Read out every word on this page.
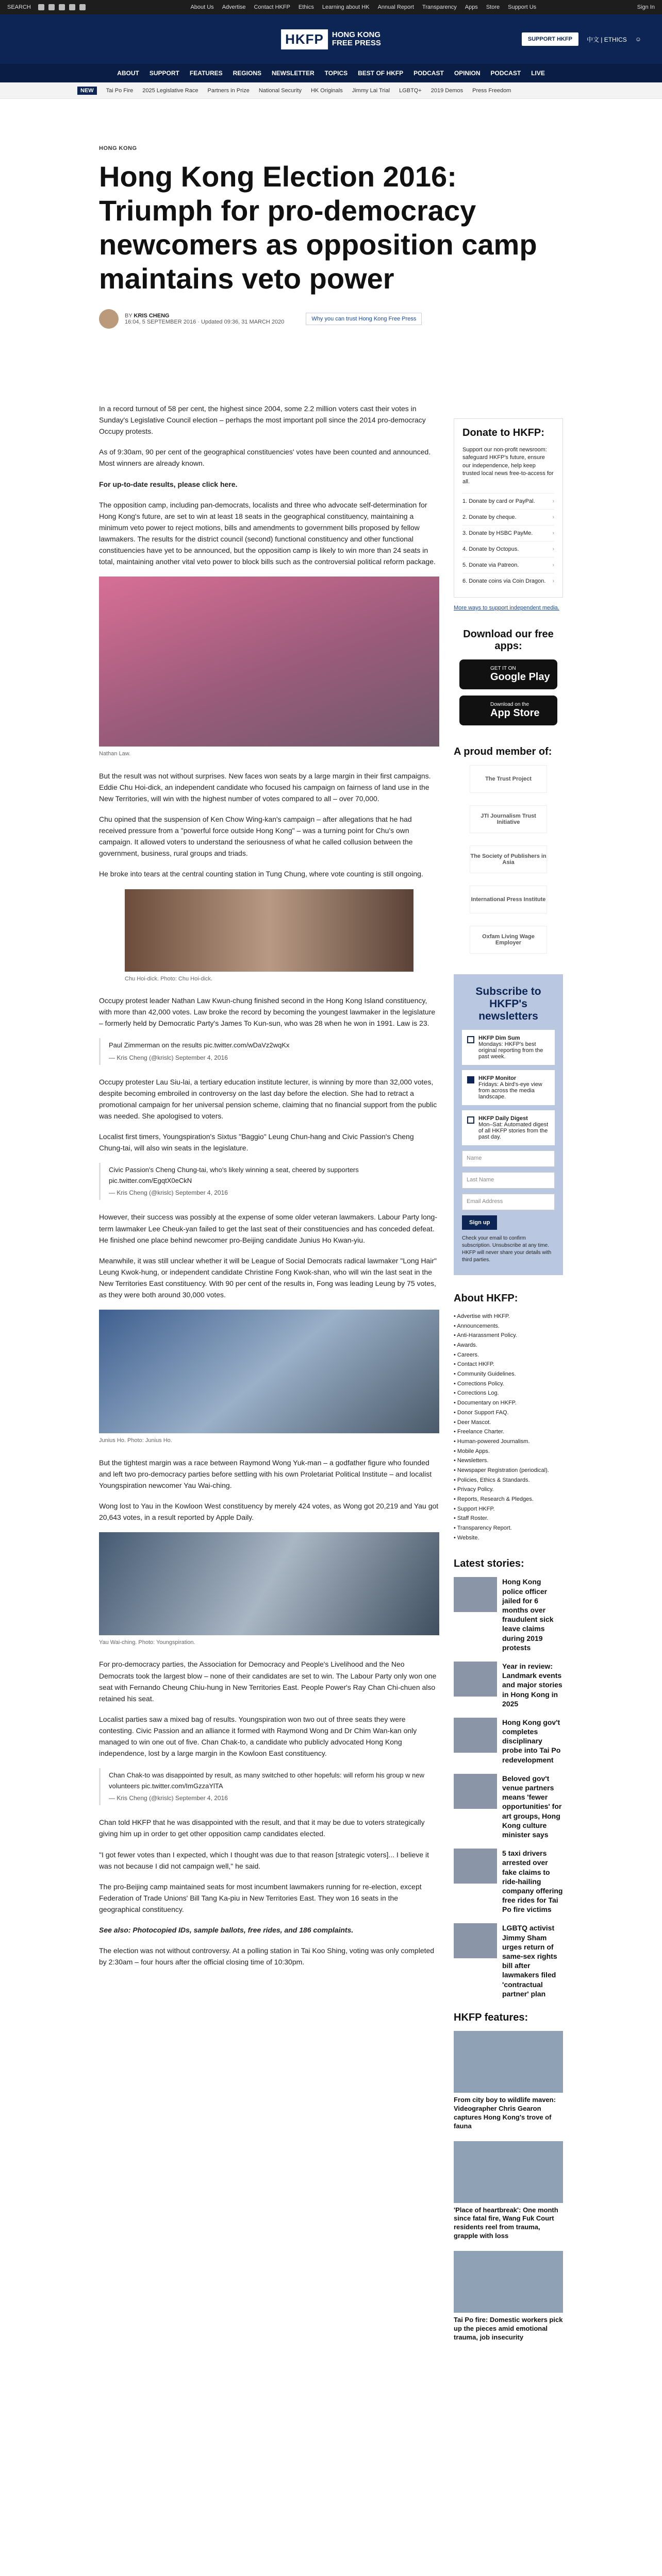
SEARCH	About Us Advertise Contact HKFP Ethics Learning about HK Annual Report Transparency Apps Store Support Us	Sign In
HKFP	HONG KONG
FREE PRESS	SUPPORT HKFP	中文 | ETHICS ☺
ABOUT SUPPORT FEATURES REGIONS NEWSLETTER TOPICS BEST OF HKFP PODCAST OPINION PODCAST LIVE
NEW	Tai Po Fire 2025 Legislative Race Partners in Prize National Security HK Originals Jimmy Lai Trial LGBTQ+ 2019 Demos Press Freedom
HONG KONG
Hong Kong Election 2016: Triumph for pro-democracy newcomers as opposition camp maintains veto power
BY KRIS CHENG
16:04, 5 SEPTEMBER 2016 · Updated 09:36, 31 MARCH 2020	Why you can trust Hong Kong Free Press

In a record turnout of 58 per cent, the highest since 2004, some 2.2 million voters cast their votes in Sunday's Legislative Council election – perhaps the most important poll since the 2014 pro-democracy Occupy protests.

As of 9:30am, 90 per cent of the geographical constituencies' votes have been counted and announced. Most winners are already known.

For up-to-date results, please click here.

The opposition camp, including pan-democrats, localists and three who advocate self-determination for Hong Kong's future, are set to win at least 18 seats in the geographical constituency, maintaining a minimum veto power to reject motions, bills and amendments to government bills proposed by fellow lawmakers. The results for the district council (second) functional constituency and other functional constituencies have yet to be announced, but the opposition camp is likely to win more than 24 seats in total, maintaining another vital veto power to block bills such as the controversial political reform package.

Nathan Law.

But the result was not without surprises. New faces won seats by a large margin in their first campaigns. Eddie Chu Hoi-dick, an independent candidate who focused his campaign on fairness of land use in the New Territories, will win with the highest number of votes compared to all – over 70,000.

Chu opined that the suspension of Ken Chow Wing-kan's campaign – after allegations that he had received pressure from a "powerful force outside Hong Kong" – was a turning point for Chu's own campaign. It allowed voters to understand the seriousness of what he called collusion between the government, business, rural groups and triads.

He broke into tears at the central counting station in Tung Chung, where vote counting is still ongoing.

Chu Hoi-dick. Photo: Chu Hoi-dick.

Occupy protest leader Nathan Law Kwun-chung finished second in the Hong Kong Island constituency, with more than 42,000 votes. Law broke the record by becoming the youngest lawmaker in the legislature – formerly held by Democratic Party's James To Kun-sun, who was 28 when he won in 1991. Law is 23.

Paul Zimmerman on the results pic.twitter.com/wDaVz2wqKx
— Kris Cheng (@krislc) September 4, 2016

Occupy protester Lau Siu-lai, a tertiary education institute lecturer, is winning by more than 32,000 votes, despite becoming embroiled in controversy on the last day before the election. She had to retract a promotional campaign for her universal pension scheme, claiming that no financial support from the public was needed. She apologised to voters.

Localist first timers, Youngspiration's Sixtus "Baggio" Leung Chun-hang and Civic Passion's Cheng Chung-tai, will also win seats in the legislature.

Civic Passion's Cheng Chung-tai, who's likely winning a seat, cheered by supporters pic.twitter.com/EgqtX0eCkN
— Kris Cheng (@krislc) September 4, 2016

However, their success was possibly at the expense of some older veteran lawmakers. Labour Party long-term lawmaker Lee Cheuk-yan failed to get the last seat of their constituencies and has conceded defeat. He finished one place behind newcomer pro-Beijing candidate Junius Ho Kwan-yiu.

Meanwhile, it was still unclear whether it will be League of Social Democrats radical lawmaker "Long Hair" Leung Kwok-hung, or independent candidate Christine Fong Kwok-shan, who will win the last seat in the New Territories East constituency. With 90 per cent of the results in, Fong was leading Leung by 75 votes, as they were both around 30,000 votes.

Junius Ho. Photo: Junius Ho.

But the tightest margin was a race between Raymond Wong Yuk-man – a godfather figure who founded and left two pro-democracy parties before settling with his own Proletariat Political Institute – and localist Youngspiration newcomer Yau Wai-ching.

Wong lost to Yau in the Kowloon West constituency by merely 424 votes, as Wong got 20,219 and Yau got 20,643 votes, in a result reported by Apple Daily.

Yau Wai-ching. Photo: Youngspiration.

For pro-democracy parties, the Association for Democracy and People's Livelihood and the Neo Democrats took the largest blow – none of their candidates are set to win. The Labour Party only won one seat with Fernando Cheung Chiu-hung in New Territories East. People Power's Ray Chan Chi-chuen also retained his seat.

Localist parties saw a mixed bag of results. Youngspiration won two out of three seats they were contesting. Civic Passion and an alliance it formed with Raymond Wong and Dr Chim Wan-kan only managed to win one out of five. Chan Chak-to, a candidate who publicly advocated Hong Kong independence, lost by a large margin in the Kowloon East constituency.

Chan Chak-to was disappointed by result, as many switched to other hopefuls: will reform his group w new volunteers pic.twitter.com/ImGzzaYlTA
— Kris Cheng (@krislc) September 4, 2016

Chan told HKFP that he was disappointed with the result, and that it may be due to voters strategically giving him up in order to get other opposition camp candidates elected.

"I got fewer votes than I expected, which I thought was due to that reason [strategic voters]... I believe it was not because I did not campaign well," he said.

The pro-Beijing camp maintained seats for most incumbent lawmakers running for re-election, except Federation of Trade Unions' Bill Tang Ka-piu in New Territories East. They won 16 seats in the geographical constituency.

See also: Photocopied IDs, sample ballots, free rides, and 186 complaints.

The election was not without controversy. At a polling station in Tai Koo Shing, voting was only completed by 2:30am – four hours after the official closing time of 10:30pm.

Donate to HKFP:

Support our non-profit newsroom: safeguard HKFP's future, ensure our independence, help keep trusted local news free-to-access for all.

1. Donate by card or PayPal.	›
2. Donate by cheque.	›
3. Donate by HSBC PayMe.	›
4. Donate by Octopus.	›
5. Donate via Patreon.	›
6. Donate coins via Coin Dragon. ›
More ways to support independent media.
Download our free apps:
GET IT ON
Google Play
Download on the
App Store
A proud member of:
The Trust Project
JTI Journalism Trust Initiative
The Society of Publishers in Asia
International Press Institute
Oxfam Living Wage Employer
Subscribe to HKFP's newsletters
HKFP Dim Sum
Mondays: HKFP's best original reporting from the past week.
HKFP Monitor
Fridays: A bird's-eye view from across the media landscape.
HKFP Daily Digest
Mon–Sat: Automated digest of all HKFP stories from the past day.
Name
Last Name
Email Address
Sign up
Check your email to confirm subscription. Unsubscribe at any time. HKFP will never share your details with third parties.
About HKFP:
• Advertise with HKFP.
• Announcements.
• Anti-Harassment Policy.
• Awards.
• Careers.
• Contact HKFP.
• Community Guidelines.
• Corrections Policy.
• Corrections Log.
• Documentary on HKFP.
• Donor Support FAQ.
• Deer Mascot.
• Freelance Charter.
• Human-powered Journalism.
• Mobile Apps.
• Newsletters.
• Newspaper Registration (periodical).
• Policies, Ethics & Standards.
• Privacy Policy.
• Reports, Research & Pledges.
• Support HKFP.
• Staff Roster.
• Transparency Report.
• Website.
Latest stories:
Hong Kong police officer jailed for 6 months over fraudulent sick leave claims during 2019 protests
Year in review: Landmark events and major stories in Hong Kong in 2025
Hong Kong gov't completes disciplinary probe into Tai Po redevelopment
Beloved gov't venue partners means 'fewer opportunities' for art groups, Hong Kong culture minister says
5 taxi drivers arrested over fake claims to ride-hailing company offering free rides for Tai Po fire victims
LGBTQ activist Jimmy Sham urges return of same-sex rights bill after lawmakers filed 'contractual partner' plan
HKFP features:
From city boy to wildlife maven: Videographer Chris Gearon captures Hong Kong's trove of fauna
'Place of heartbreak': One month since fatal fire, Wang Fuk Court residents reel from trauma, grapple with loss
Tai Po fire: Domestic workers pick up the pieces amid emotional trauma, job insecurity
